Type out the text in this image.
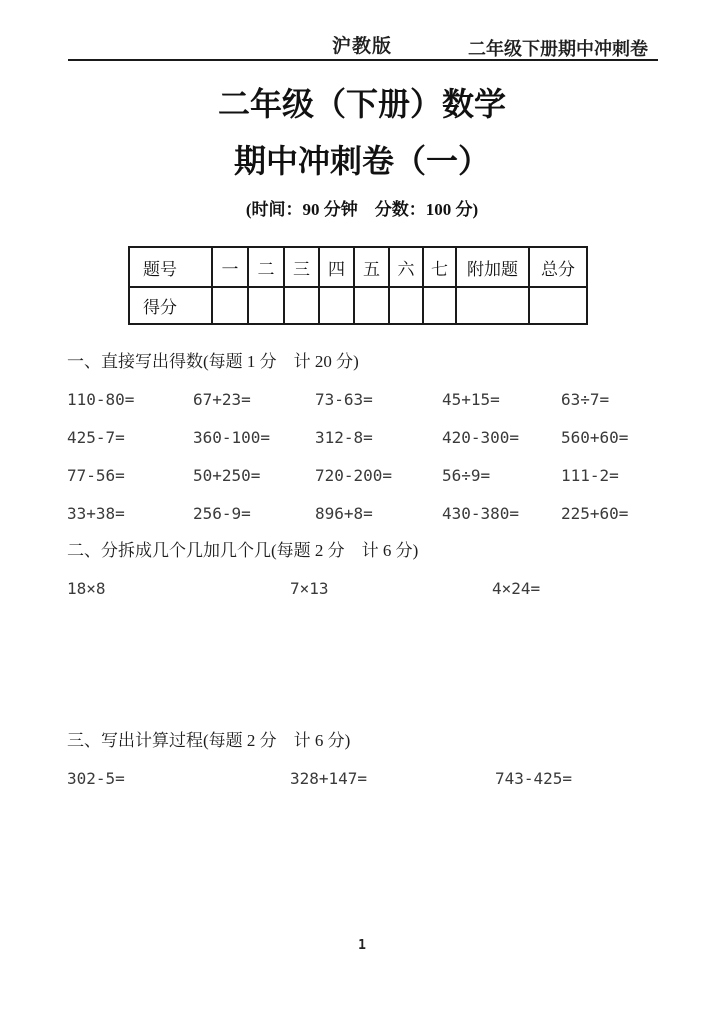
沪教版	二年级下册期中冲刺卷
二年级（下册）数学
期中冲刺卷（一）
(时间：90 分钟　分数：100 分)
题号	一	二	三	四	五	六	七	附加题	总分
得分									
一、直接写出得数(每题 1 分　计 20 分)
110-80=	67+23=	73-63=	45+15=	63÷7=
425-7=	360-100=	312-8=	420-300=	560+60=
77-56=	50+250=	720-200=	56÷9=	111-2=
33+38=	256-9=	896+8=	430-380=	225+60=
二、分拆成几个几加几个几(每题 2 分　计 6 分)
18×8	7×13	4×24=
三、写出计算过程(每题 2 分　计 6 分)
302-5=	328+147=	743-425=
1
